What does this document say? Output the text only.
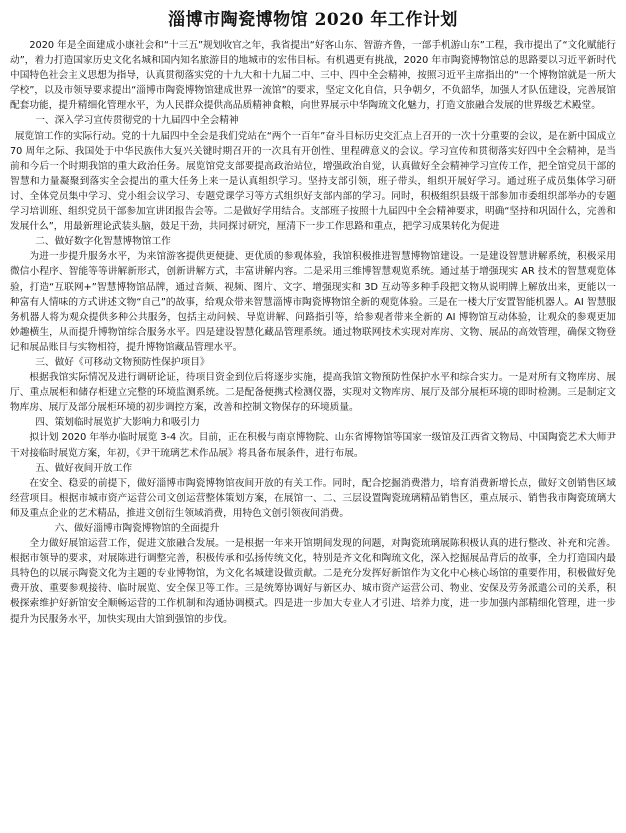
淄博市陶瓷博物馆 2020 年工作计划

2020 年是全面建成小康社会和“十三五”规划收官之年，我省提出“好客山东、智游齐鲁，一部手机游山东”工程，我市提出了“文化赋能行动”，着力打造国家历史文化名城和国内知名旅游目的地城市的宏伟目标。有机遇更有挑战，2020 年市陶瓷博物馆总的思路要以习近平新时代中国特色社会主义思想为指导，认真贯彻落实党的十九大和十九届二中、三中、四中全会精神，按照习近平主席指出的“一个博物馆就是一所大学校”，以及市领导要求提出“淄博市陶瓷博物馆建成世界一流馆”的要求，坚定文化自信，只争朝夕，不负韶华，加强人才队伍建设，完善展馆配套功能，提升精细化管理水平，为人民群众提供高品质精神食粮，向世界展示中华陶琉文化魅力，打造文旅融合发展的世界级艺术殿堂。

一、深入学习宣传贯彻党的十九届四中全会精神

展览馆工作的实际行动。党的十九届四中全会是我们党站在“两个一百年”奋斗目标历史交汇点上召开的一次十分重要的会议，是在新中国成立 70 周年之际、我国处于中华民族伟大复兴关键时期召开的一次具有开创性、里程碑意义的会议。学习宣传和贯彻落实好四中全会精神，是当前和今后一个时期我馆的重大政治任务。展览馆党支部要提高政治站位，增强政治自觉，认真做好全会精神学习宣传工作，把全馆党员干部的智慧和力量凝聚到落实全会提出的重大任务上来一是认真组织学习。坚持支部引领，班子带头，组织开展好学习。通过班子成员集体学习研讨、全体党员集中学习、党小组会议学习、专题党课学习等方式组织好支部内部的学习。同时，积极组织县级干部参加市委组织部举办的专题学习培训班、组织党员干部参加宣讲团报告会等。二是做好学用结合。支部班子按照十九届四中全会精神要求，明确“坚持和巩固什么，完善和发展什么”，用最新理论武装头脑，鼓足干劲，共同探讨研究，厘清下一步工作思路和重点，把学习成果转化为促进

二、做好数字化智慧博物馆工作

为进一步提升服务水平，为来馆游客提供更便捷、更优质的参观体验，我馆积极推进智慧博物馆建设。一是建设智慧讲解系统，积极采用微信小程序、智能等等讲解新形式，创新讲解方式，丰富讲解内容。二是采用三维博智慧观览系统。通过基于增强现实 AR 技术的智慧观览体验，打造“互联网+”智慧博物馆品牌，通过音频、视频、图片、文字、增强现实和 3D 互动等多种手段把文物从说明牌上解放出来，更能以一种富有人情味的方式讲述文物“自己”的故事，给观众带来智慧淄博市陶瓷博物馆全新的观览体验。三是在一楼大厅安置智能机器人。AI 智慧服务机器人将为观众提供多种公共服务，包括主动问候、导览讲解、问路指引等，给参观者带来全新的 AI 博物馆互动体验，让观众的参观更加妙趣横生，从而提升博物馆综合服务水平。四是建设智慧化藏品管理系统。通过物联网技术实现对库房、文物、展品的高效管理，确保文物登记和展品账目与实物相符，提升博物馆藏品管理水平。

三、做好《可移动文物预防性保护项目》

根据我馆实际情况及进行调研论证，待项目资金到位后将逐步实施，提高我馆文物预防性保护水平和综合实力。一是对所有文物库房、展厅、重点展柜和储存柜建立完整的环境监测系统。二是配备便携式检测仪器，实现对文物库房、展厅及部分展柜环境的即时检测。三是制定文物库房、展厅及部分展柜环境的初步调控方案，改善和控制文物保存的环境质量。

四、策划临时展览扩大影响力和吸引力

拟计划 2020 年举办临时展览 3-4 次。目前，正在积极与南京博物院、山东省博物馆等国家一级馆及江西省文物局、中国陶瓷艺术大师尹干对接临时展览方案，年初，《尹干琉璃艺术作品展》将具备布展条件，进行布展。

五、做好夜间开放工作

在安全、稳妥的前提下，做好淄博市陶瓷博物馆夜间开放的有关工作。同时，配合挖掘消费潜力，培育消费新增长点，做好文创销售区域经营项目。根据市城市资产运营公司文创运营整体策划方案，在展馆一、二、三层设置陶瓷琉璃精品销售区，重点展示、销售我市陶瓷琉璃大师及重点企业的艺术精品，推进文创衍生领域消费，用特色文创引领夜间消费。

六、做好淄博市陶瓷博物馆的全面提升

全力做好展馆运营工作，促进文旅融合发展。一是根据一年来开馆期间发现的问题，对陶瓷琉璃展陈积极认真的进行整改、补充和完善。根据市领导的要求，对展陈进行调整完善，积极传承和弘扬传统文化，特别是齐文化和陶琉文化，深入挖掘展品背后的故事，全力打造国内最具特色的以展示陶瓷文化为主题的专业博物馆，为文化名城建设做贡献。二是充分发挥好新馆作为文化中心核心场馆的重要作用，积极做好免费开放、重要参观接待、临时展览、安全保卫等工作。三是统筹协调好与新区办、城市资产运营公司、物业、安保及劳务派遣公司的关系，积极探索维护好新馆安全顺畅运营的工作机制和沟通协调模式。四是进一步加大专业人才引进、培养力度，进一步加强内部精细化管理，进一步提升为民服务水平，加快实现由大馆到强馆的步伐。
